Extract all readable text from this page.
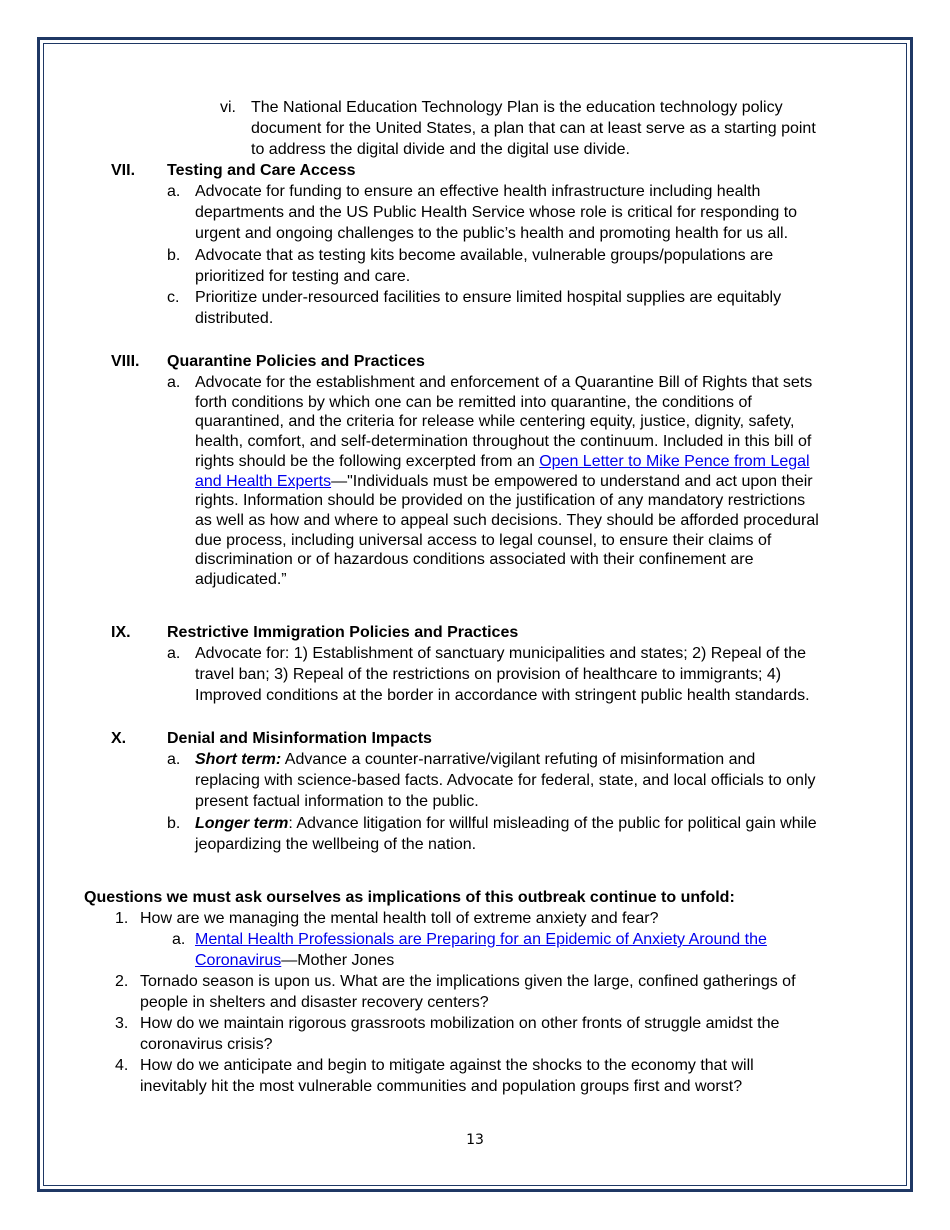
vi. The National Education Technology Plan is the education technology policy
document for the United States, a plan that can at least serve as a starting point
to address the digital divide and the digital use divide.
VII. Testing and Care Access
a. Advocate for funding to ensure an effective health infrastructure including health
departments and the US Public Health Service whose role is critical for responding to
urgent and ongoing challenges to the public’s health and promoting health for us all.
b. Advocate that as testing kits become available, vulnerable groups/populations are
prioritized for testing and care.
c. Prioritize under-resourced facilities to ensure limited hospital supplies are equitably
distributed.
VIII. Quarantine Policies and Practices
a. Advocate for the establishment and enforcement of a Quarantine Bill of Rights that sets
forth conditions by which one can be remitted into quarantine, the conditions of
quarantined, and the criteria for release while centering equity, justice, dignity, safety,
health, comfort, and self-determination throughout the continuum. Included in this bill of
rights should be the following excerpted from an Open Letter to Mike Pence from Legal
and Health Experts—"Individuals must be empowered to understand and act upon their
rights. Information should be provided on the justification of any mandatory restrictions
as well as how and where to appeal such decisions. They should be afforded procedural
due process, including universal access to legal counsel, to ensure their claims of
discrimination or of hazardous conditions associated with their confinement are
adjudicated.”
IX. Restrictive Immigration Policies and Practices
a. Advocate for: 1) Establishment of sanctuary municipalities and states; 2) Repeal of the
travel ban; 3) Repeal of the restrictions on provision of healthcare to immigrants; 4)
Improved conditions at the border in accordance with stringent public health standards.
X.	Denial and Misinformation Impacts
a. Short term: Advance a counter-narrative/vigilant refuting of misinformation and
replacing with science-based facts. Advocate for federal, state, and local officials to only
present factual information to the public.
b. Longer term: Advance litigation for willful misleading of the public for political gain while
jeopardizing the wellbeing of the nation.
Questions we must ask ourselves as implications of this outbreak continue to unfold:
1. How are we managing the mental health toll of extreme anxiety and fear?
a. Mental Health Professionals are Preparing for an Epidemic of Anxiety Around the
Coronavirus—Mother Jones
2. Tornado season is upon us. What are the implications given the large, confined gatherings of
people in shelters and disaster recovery centers?
3. How do we maintain rigorous grassroots mobilization on other fronts of struggle amidst the
coronavirus crisis?
4. How do we anticipate and begin to mitigate against the shocks to the economy that will
inevitably hit the most vulnerable communities and population groups first and worst?
13
